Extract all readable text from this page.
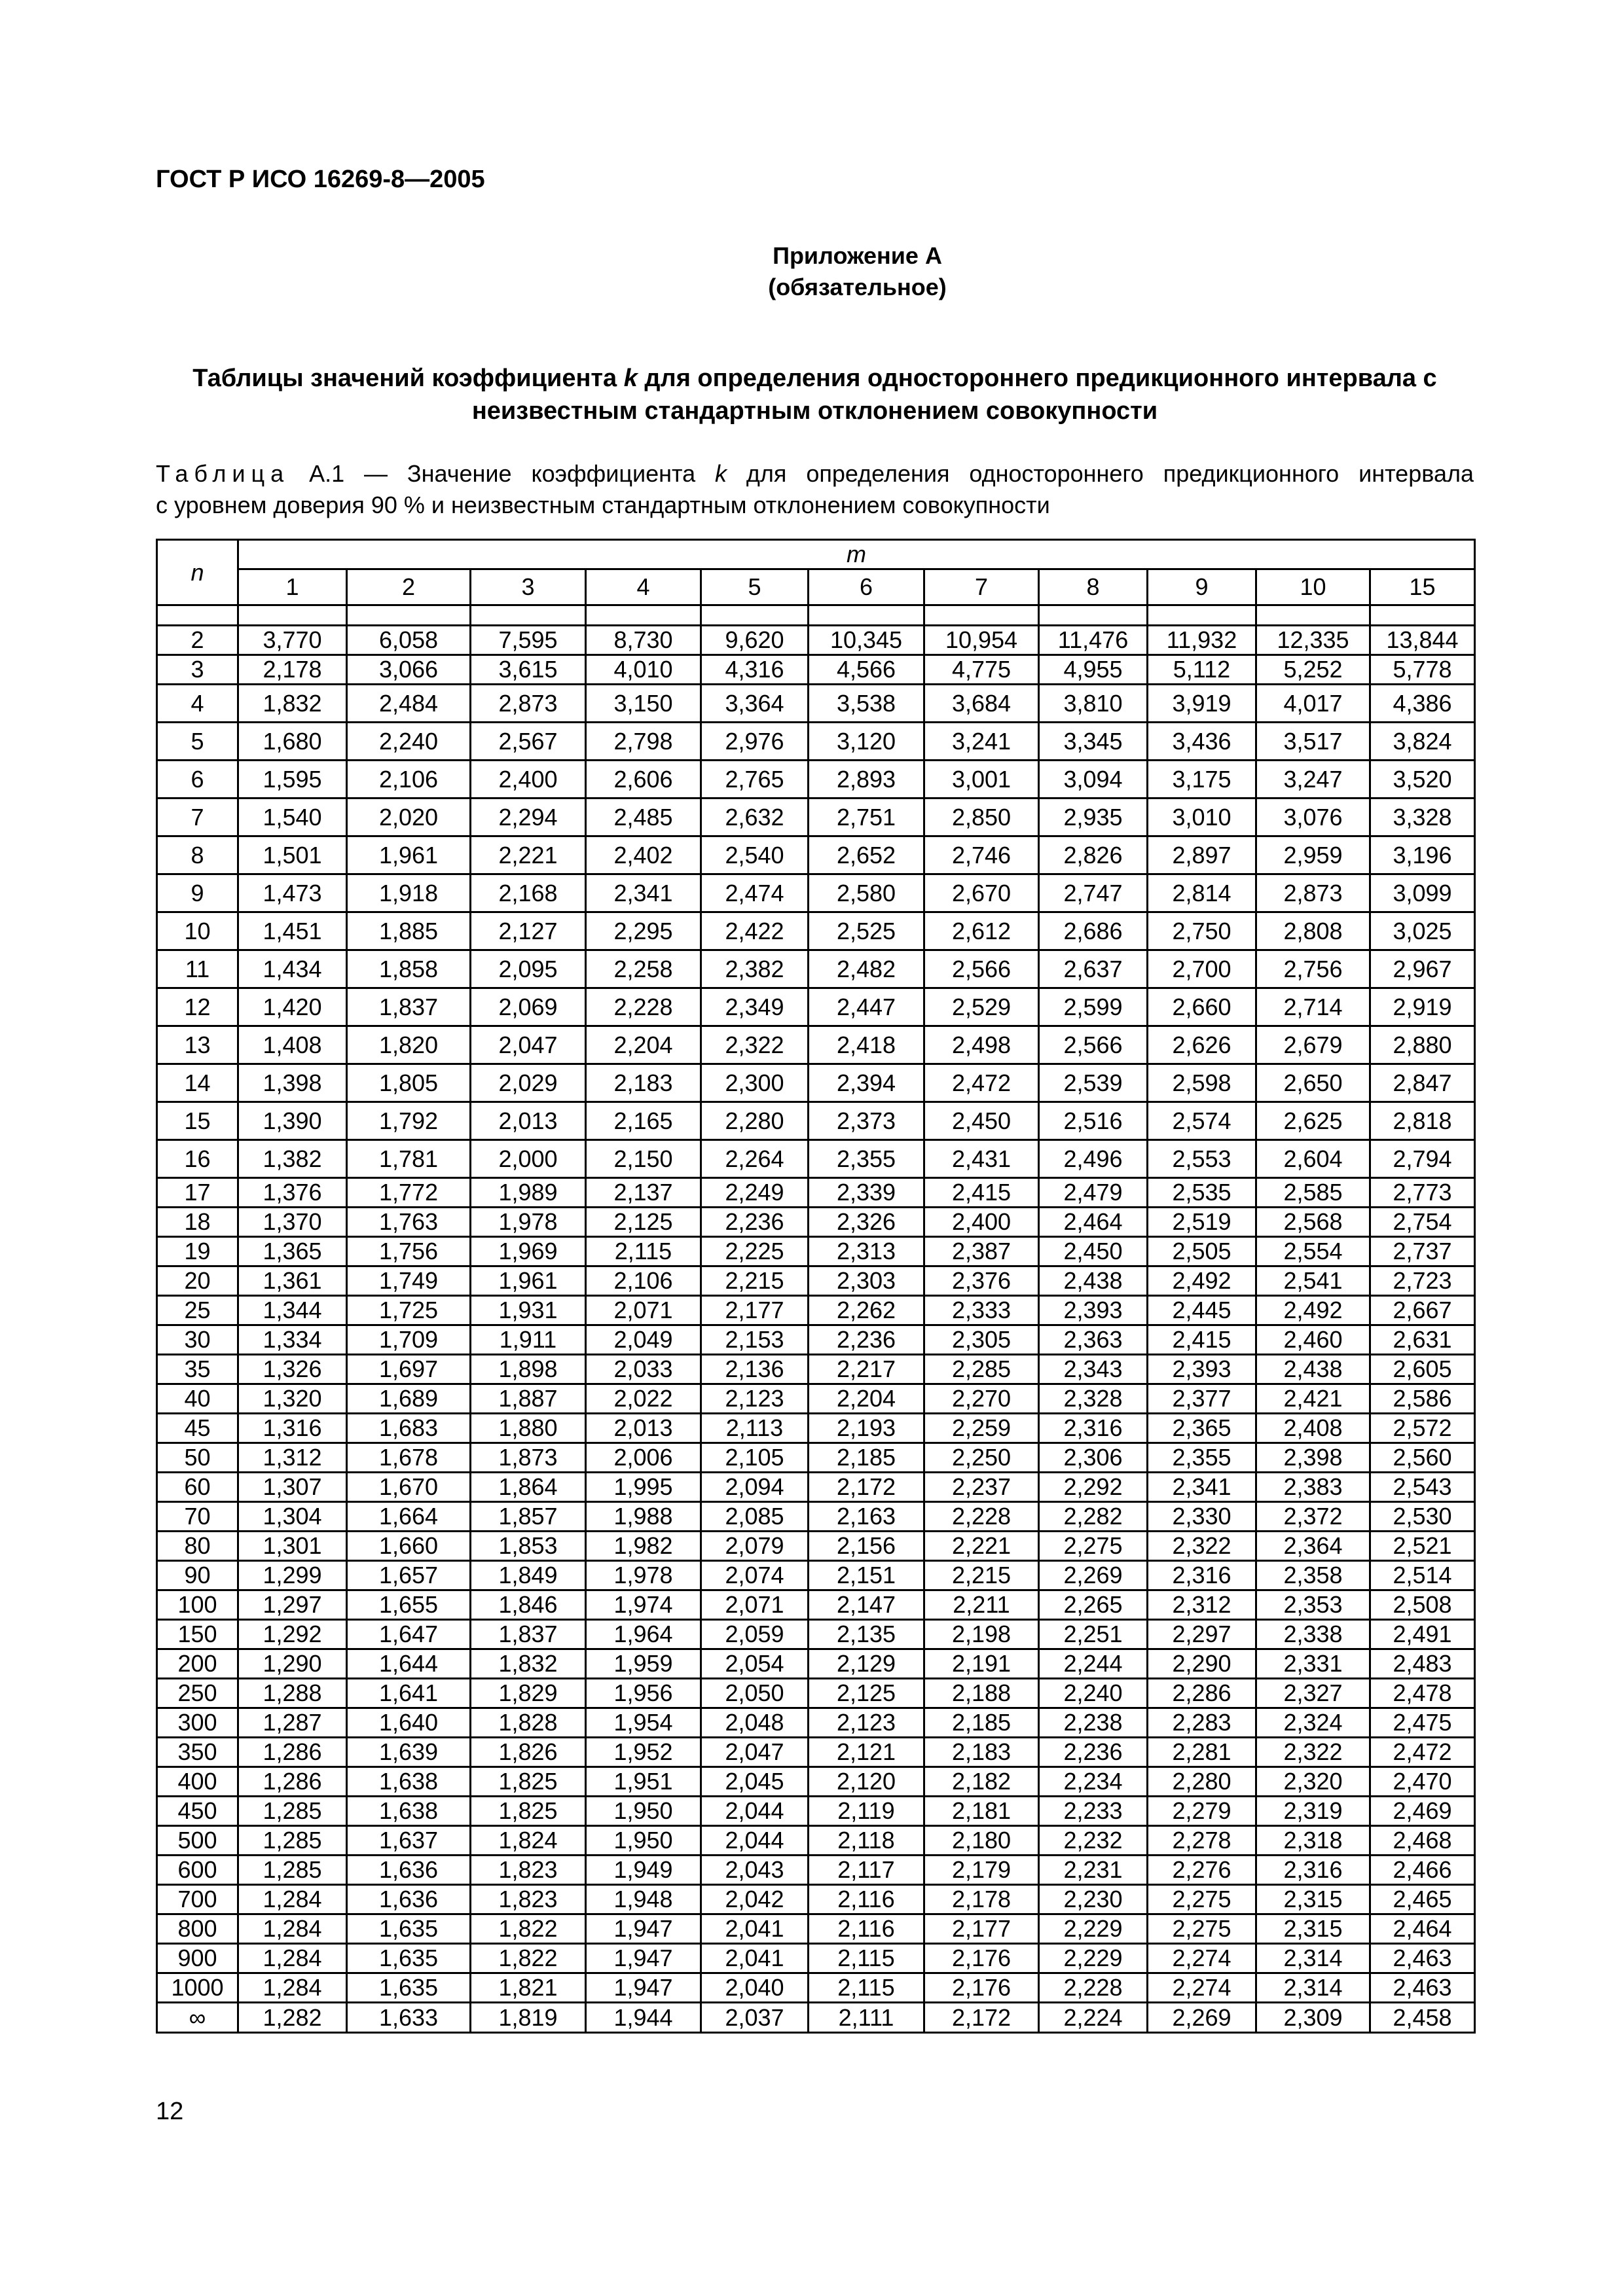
ГОСТ Р ИСО 16269-8—2005
Приложение А
(обязательное)
Таблицы значений коэффициента k для определения одностороннего предикционного интервала с неизвестным стандартным отклонением совокупности
Таблица А.1 — Значение коэффициента k для определения одностороннего предикционного интервала
с уровнем доверия 90 % и неизвестным стандартным отклонением совокупности
n	m										
	1	2	3	4	5	6	7	8	9	10	15

2	3,770	6,058	7,595	8,730	9,620	10,345	10,954	11,476	11,932	12,335	13,844
3	2,178	3,066	3,615	4,010	4,316	4,566	4,775	4,955	5,112	5,252	5,778
4	1,832	2,484	2,873	3,150	3,364	3,538	3,684	3,810	3,919	4,017	4,386
5	1,680	2,240	2,567	2,798	2,976	3,120	3,241	3,345	3,436	3,517	3,824
6	1,595	2,106	2,400	2,606	2,765	2,893	3,001	3,094	3,175	3,247	3,520
7	1,540	2,020	2,294	2,485	2,632	2,751	2,850	2,935	3,010	3,076	3,328
8	1,501	1,961	2,221	2,402	2,540	2,652	2,746	2,826	2,897	2,959	3,196
9	1,473	1,918	2,168	2,341	2,474	2,580	2,670	2,747	2,814	2,873	3,099
10	1,451	1,885	2,127	2,295	2,422	2,525	2,612	2,686	2,750	2,808	3,025
11	1,434	1,858	2,095	2,258	2,382	2,482	2,566	2,637	2,700	2,756	2,967
12	1,420	1,837	2,069	2,228	2,349	2,447	2,529	2,599	2,660	2,714	2,919
13	1,408	1,820	2,047	2,204	2,322	2,418	2,498	2,566	2,626	2,679	2,880
14	1,398	1,805	2,029	2,183	2,300	2,394	2,472	2,539	2,598	2,650	2,847
15	1,390	1,792	2,013	2,165	2,280	2,373	2,450	2,516	2,574	2,625	2,818
16	1,382	1,781	2,000	2,150	2,264	2,355	2,431	2,496	2,553	2,604	2,794
17	1,376	1,772	1,989	2,137	2,249	2,339	2,415	2,479	2,535	2,585	2,773
18	1,370	1,763	1,978	2,125	2,236	2,326	2,400	2,464	2,519	2,568	2,754
19	1,365	1,756	1,969	2,115	2,225	2,313	2,387	2,450	2,505	2,554	2,737
20	1,361	1,749	1,961	2,106	2,215	2,303	2,376	2,438	2,492	2,541	2,723
25	1,344	1,725	1,931	2,071	2,177	2,262	2,333	2,393	2,445	2,492	2,667
30	1,334	1,709	1,911	2,049	2,153	2,236	2,305	2,363	2,415	2,460	2,631
35	1,326	1,697	1,898	2,033	2,136	2,217	2,285	2,343	2,393	2,438	2,605
40	1,320	1,689	1,887	2,022	2,123	2,204	2,270	2,328	2,377	2,421	2,586
45	1,316	1,683	1,880	2,013	2,113	2,193	2,259	2,316	2,365	2,408	2,572
50	1,312	1,678	1,873	2,006	2,105	2,185	2,250	2,306	2,355	2,398	2,560
60	1,307	1,670	1,864	1,995	2,094	2,172	2,237	2,292	2,341	2,383	2,543
70	1,304	1,664	1,857	1,988	2,085	2,163	2,228	2,282	2,330	2,372	2,530
80	1,301	1,660	1,853	1,982	2,079	2,156	2,221	2,275	2,322	2,364	2,521
90	1,299	1,657	1,849	1,978	2,074	2,151	2,215	2,269	2,316	2,358	2,514
100	1,297	1,655	1,846	1,974	2,071	2,147	2,211	2,265	2,312	2,353	2,508
150	1,292	1,647	1,837	1,964	2,059	2,135	2,198	2,251	2,297	2,338	2,491
200	1,290	1,644	1,832	1,959	2,054	2,129	2,191	2,244	2,290	2,331	2,483
250	1,288	1,641	1,829	1,956	2,050	2,125	2,188	2,240	2,286	2,327	2,478
300	1,287	1,640	1,828	1,954	2,048	2,123	2,185	2,238	2,283	2,324	2,475
350	1,286	1,639	1,826	1,952	2,047	2,121	2,183	2,236	2,281	2,322	2,472
400	1,286	1,638	1,825	1,951	2,045	2,120	2,182	2,234	2,280	2,320	2,470
450	1,285	1,638	1,825	1,950	2,044	2,119	2,181	2,233	2,279	2,319	2,469
500	1,285	1,637	1,824	1,950	2,044	2,118	2,180	2,232	2,278	2,318	2,468
600	1,285	1,636	1,823	1,949	2,043	2,117	2,179	2,231	2,276	2,316	2,466
700	1,284	1,636	1,823	1,948	2,042	2,116	2,178	2,230	2,275	2,315	2,465
800	1,284	1,635	1,822	1,947	2,041	2,116	2,177	2,229	2,275	2,315	2,464
900	1,284	1,635	1,822	1,947	2,041	2,115	2,176	2,229	2,274	2,314	2,463
1000	1,284	1,635	1,821	1,947	2,040	2,115	2,176	2,228	2,274	2,314	2,463
∞	1,282	1,633	1,819	1,944	2,037	2,111	2,172	2,224	2,269	2,309	2,458
12
